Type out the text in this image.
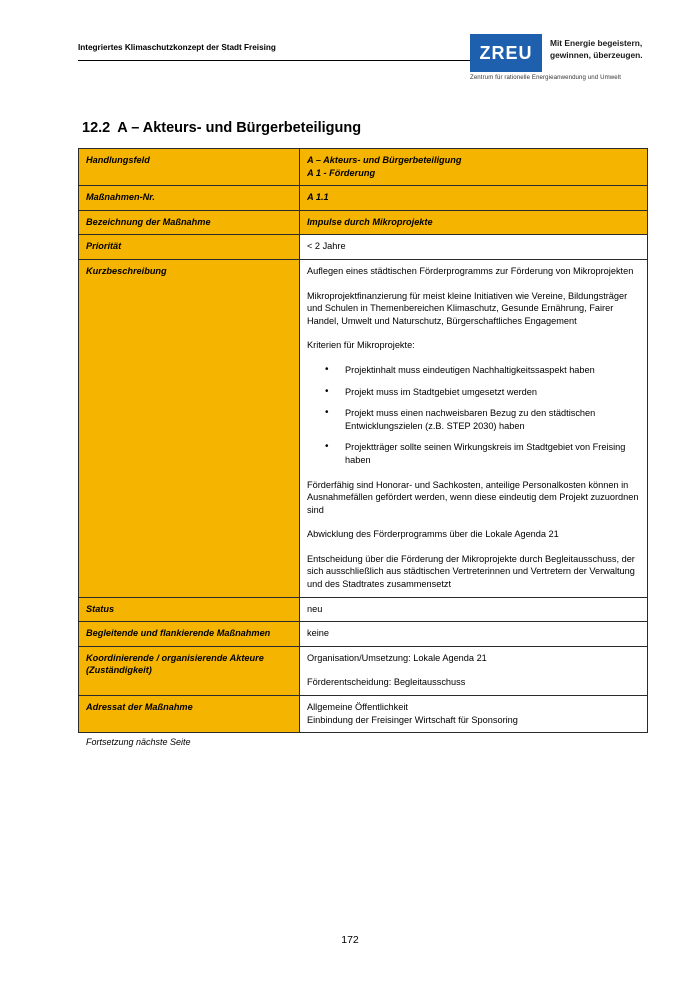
Integriertes Klimaschutzkonzept der Stadt Freising	ZREU Mit Energie begeistern,
gewinnen, überzeugen.
Zentrum für rationelle Energieanwendung und Umwelt
12.2 A – Akteurs- und Bürgerbeteiligung
Handlungsfeld	A – Akteurs- und Bürgerbeteiligung
A 1 - Förderung

Maßnahmen-Nr.	A 1.1
Bezeichnung der Maßnahme	Impulse durch Mikroprojekte
Priorität	< 2 Jahre
Kurzbeschreibung	Auflegen eines städtischen Förderprogramms zur Förderung von Mikroprojekten

Mikroprojektfinanzierung für meist kleine Initiativen wie Vereine, Bildungsträger und Schulen in Themenbereichen Klimaschutz, Gesunde Ernährung, Fairer Handel, Umwelt und Naturschutz, Bürgerschaftliches Engagement

Kriterien für Mikroprojekte:

• Projektinhalt muss eindeutigen Nachhaltigkeitssaspekt haben
• Projekt muss im Stadtgebiet umgesetzt werden
• Projekt muss einen nachweisbaren Bezug zu den städtischen Entwicklungszielen (z.B. STEP 2030) haben
• Projektträger sollte seinen Wirkungskreis im Stadtgebiet von Freising haben

Förderfähig sind Honorar- und Sachkosten, anteilige Personalkosten können in Ausnahmefällen gefördert werden, wenn diese eindeutig dem Projekt zuzuordnen sind

Abwicklung des Förderprogramms über die Lokale Agenda 21

Entscheidung über die Förderung der Mikroprojekte durch Begleitausschuss, der sich ausschließlich aus städtischen Vertreterinnen und Vertretern der Verwaltung und des Stadtrates zusammensetzt

Status	neu
Begleitende und flankierende Maßnahmen	keine
Koordinierende / organisierende Akteure (Zuständigkeit)	Organisation/Umsetzung: Lokale Agenda 21

Förderentscheidung: Begleitausschuss

Adressat der Maßnahme	Allgemeine Öffentlichkeit
Einbindung der Freisinger Wirtschaft für Sponsoring
Fortsetzung nächste Seite
172
